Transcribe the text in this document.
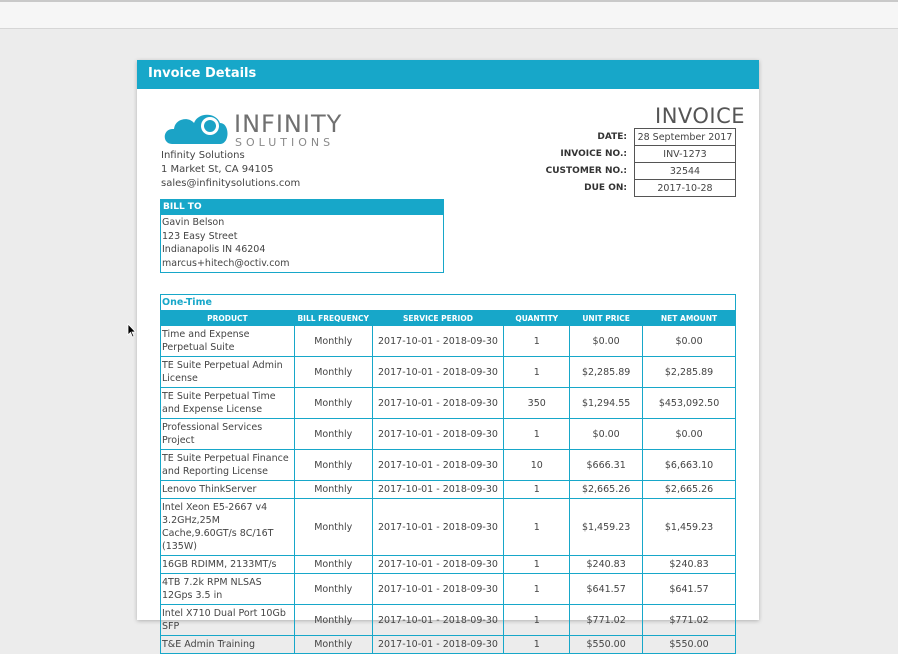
Invoice Details
INFINITY
SOLUTIONS
Infinity Solutions
1 Market St, CA 94105
sales@infinitysolutions.com
INVOICE
DATE:	28 September 2017
INVOICE NO.:	INV-1273
CUSTOMER NO.:	32544
DUE ON:	2017-10-28
BILL TO
Gavin Belson
123 Easy Street
Indianapolis IN 46204
marcus+hitech@octiv.com
One-Time
PRODUCT	BILL FREQUENCY	SERVICE PERIOD	QUANTITY	UNIT PRICE	NET AMOUNT
Time and Expense Perpetual Suite	Monthly	2017-10-01 - 2018-09-30	1	$0.00	$0.00
TE Suite Perpetual Admin License	Monthly	2017-10-01 - 2018-09-30	1	$2,285.89	$2,285.89
TE Suite Perpetual Time and Expense License	Monthly	2017-10-01 - 2018-09-30	350	$1,294.55	$453,092.50
Professional Services Project	Monthly	2017-10-01 - 2018-09-30	1	$0.00	$0.00
TE Suite Perpetual Finance and Reporting License	Monthly	2017-10-01 - 2018-09-30	10	$666.31	$6,663.10
Lenovo ThinkServer	Monthly	2017-10-01 - 2018-09-30	1	$2,665.26	$2,665.26
Intel Xeon E5-2667 v4 3.2GHz,25M Cache,9.60GT/s 8C/16T (135W)	Monthly	2017-10-01 - 2018-09-30	1	$1,459.23	$1,459.23
16GB RDIMM, 2133MT/s	Monthly	2017-10-01 - 2018-09-30	1	$240.83	$240.83
4TB 7.2k RPM NLSAS 12Gps 3.5 in	Monthly	2017-10-01 - 2018-09-30	1	$641.57	$641.57
Intel X710 Dual Port 10Gb SFP	Monthly	2017-10-01 - 2018-09-30	1	$771.02	$771.02
T&E Admin Training	Monthly	2017-10-01 - 2018-09-30	1	$550.00	$550.00
